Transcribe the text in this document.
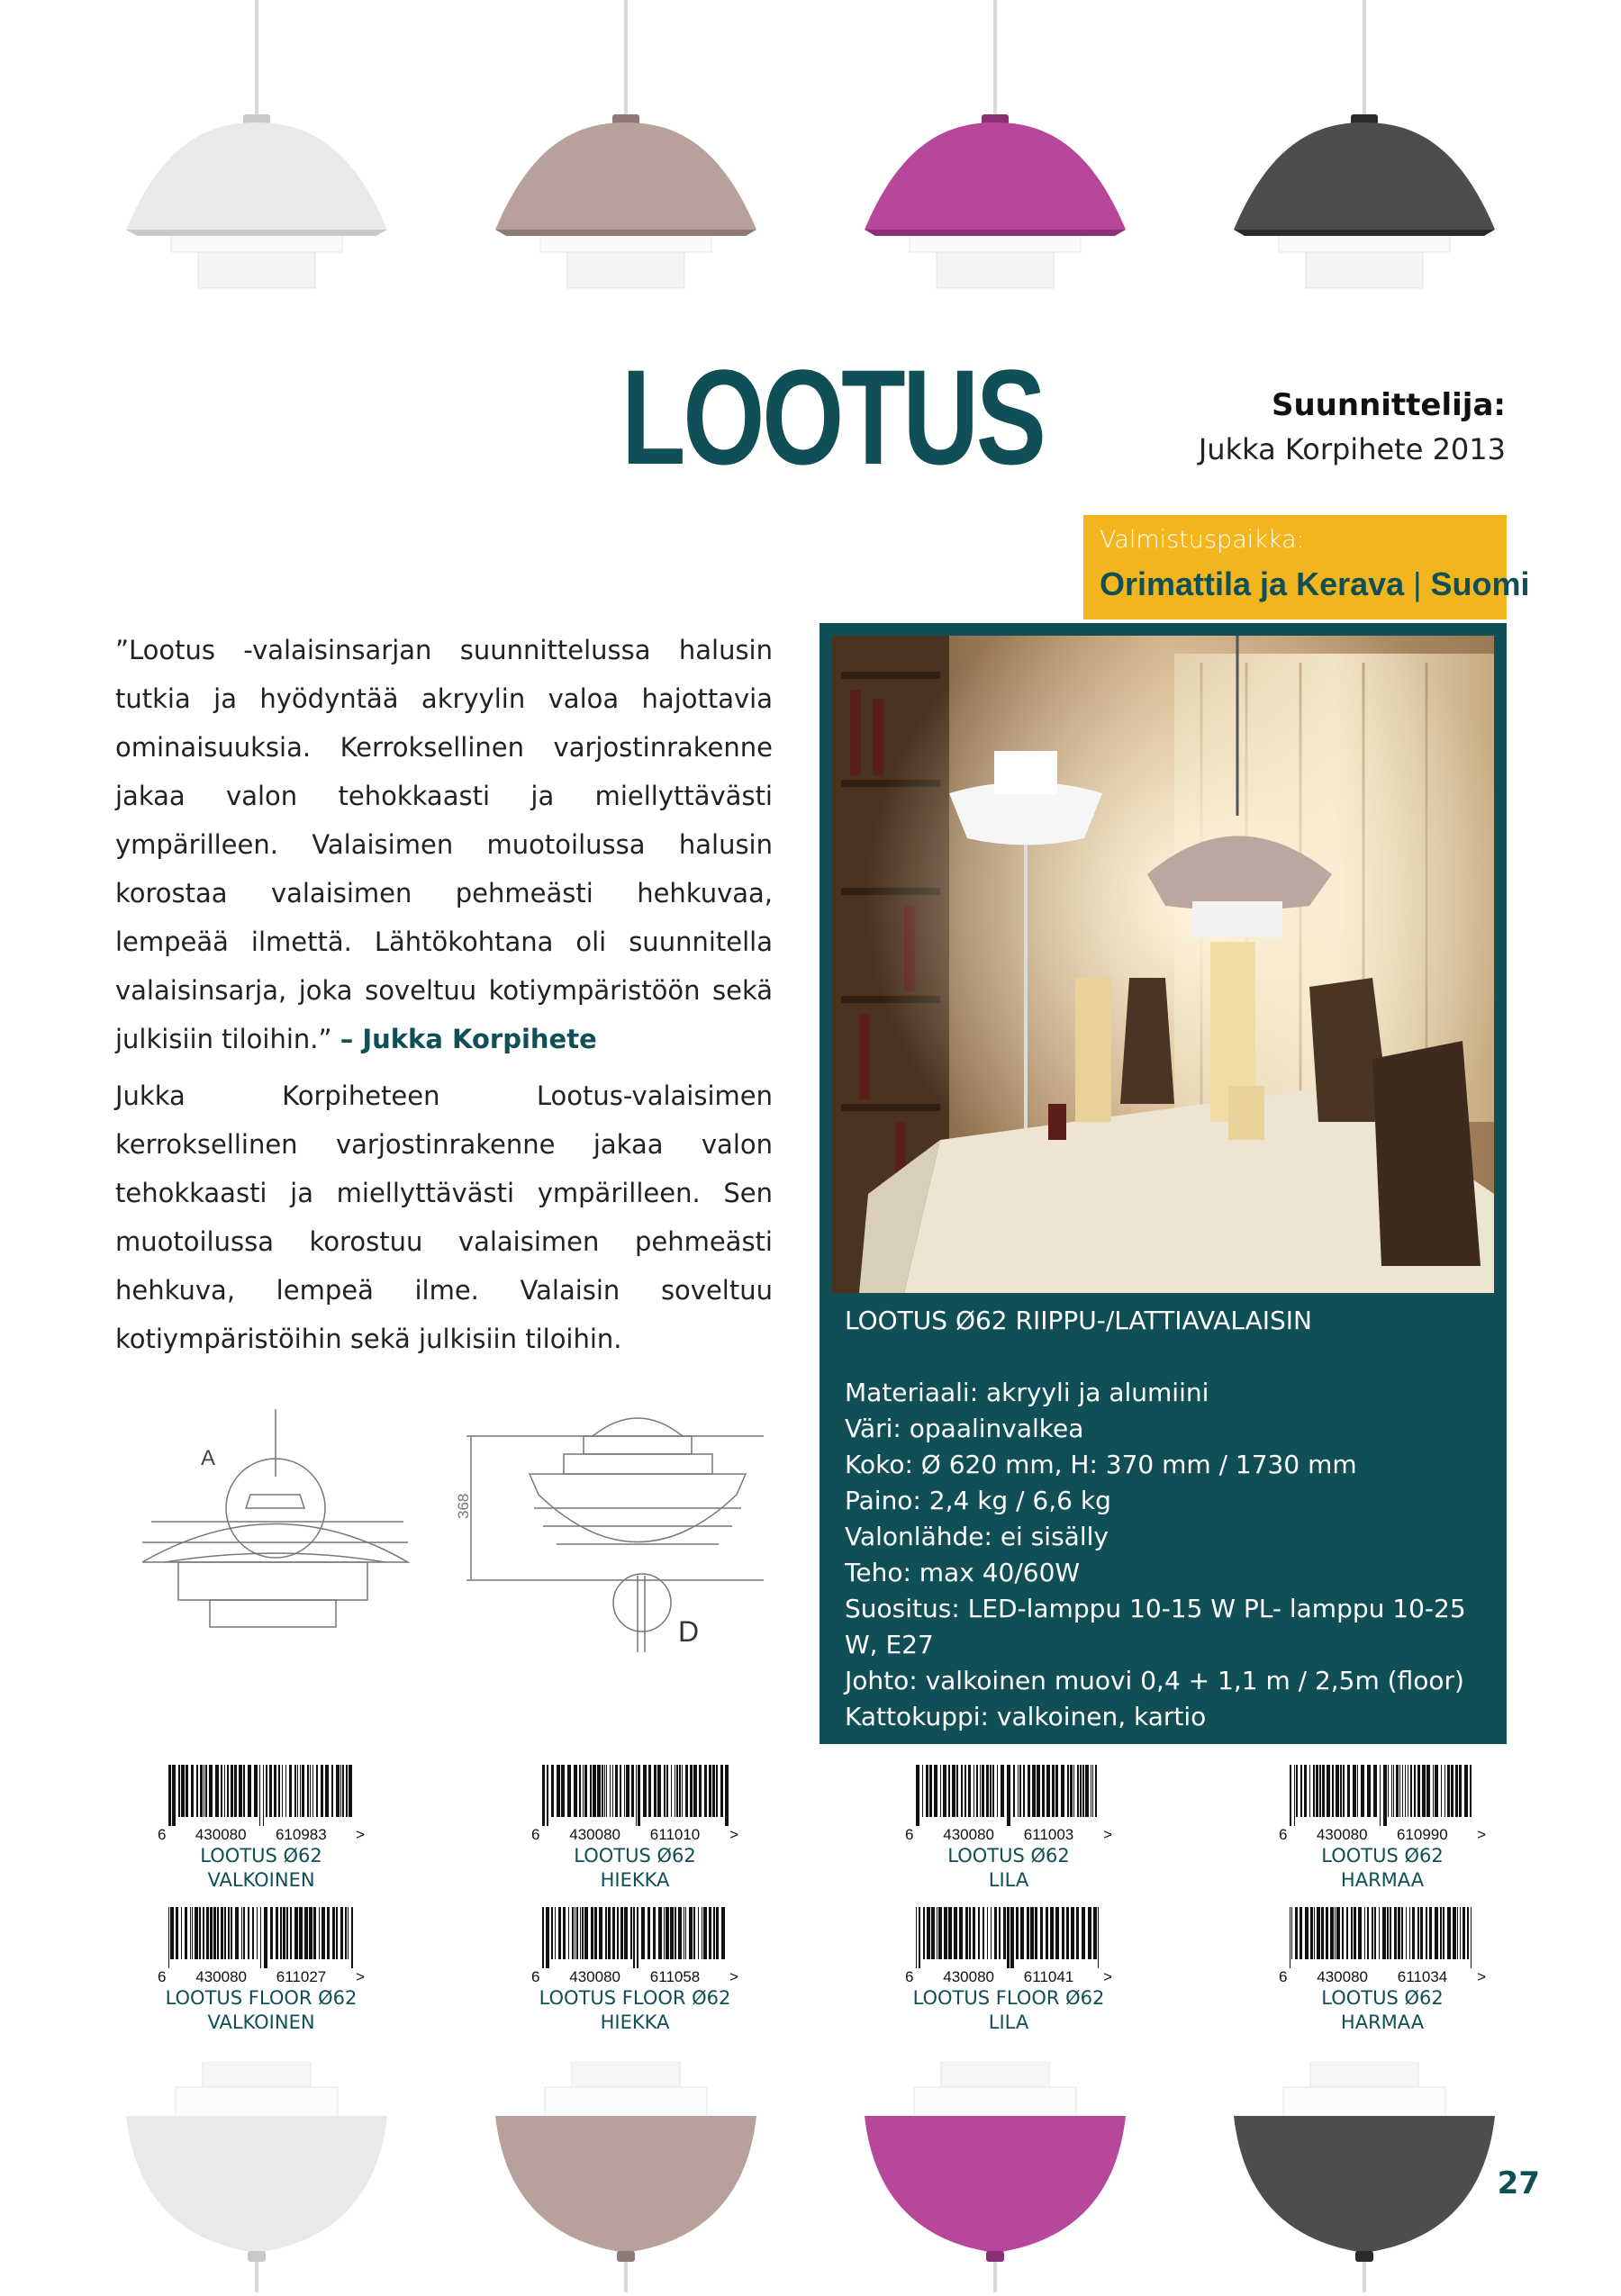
LOOTUS	Suunnittelija:
Jukka Korpihete 2013
Valmistuspaikka:
Orimattila ja Kerava | Suomi
”Lootus -valaisinsarjan suunnittelussa halusin tutkia ja hyödyntää akryylin valoa hajottavia ominaisuuksia. Kerroksellinen varjostinrakenne jakaa valon tehokkaasti ja miellyttävästi ympärilleen. Valaisimen muotoilussa halusin korostaa valaisimen pehmeästi hehkuvaa, lempeää ilmettä. Lähtökohtana oli suunnitella valaisinsarja, joka soveltuu kotiympäristöön sekä julkisiin tiloihin.” – Jukka Korpihete
Jukka Korpiheteen Lootus-valaisimen kerroksellinen varjostinrakenne jakaa valon tehokkaasti ja miellyttävästi ympärilleen. Sen muotoilussa korostuu valaisimen pehmeästi hehkuva, lempeä ilme. Valaisin soveltuu kotiympäristöihin sekä julkisiin tiloihin.
LOOTUS Ø62 RIIPPU-/LATTIAVALAISIN
Materiaali: akryyli ja alumiini
Väri: opaalinvalkea
Koko: Ø 620 mm, H: 370 mm / 1730 mm
Paino: 2,4 kg / 6,6 kg
Valonlähde: ei sisälly
Teho: max 40/60W
Suositus: LED-lamppu 10-15 W PL- lamppu 10-25 W, E27
Johto: valkoinen muovi 0,4 + 1,1 m / 2,5m (floor)
Kattokuppi: valkoinen, kartio
A
D
368
6 430080 610983 >
LOOTUS Ø62
VALKOINEN
6 430080 611010 >
LOOTUS Ø62
HIEKKA
6 430080 611003 >
LOOTUS Ø62
LILA
6 430080 610990 >
LOOTUS Ø62
HARMAA
6 430080 611027 >
LOOTUS FLOOR Ø62
VALKOINEN
6 430080 611058 >
LOOTUS FLOOR Ø62
HIEKKA
6 430080 611041 >
LOOTUS FLOOR Ø62
LILA
6 430080 611034 >
LOOTUS Ø62
HARMAA
27
